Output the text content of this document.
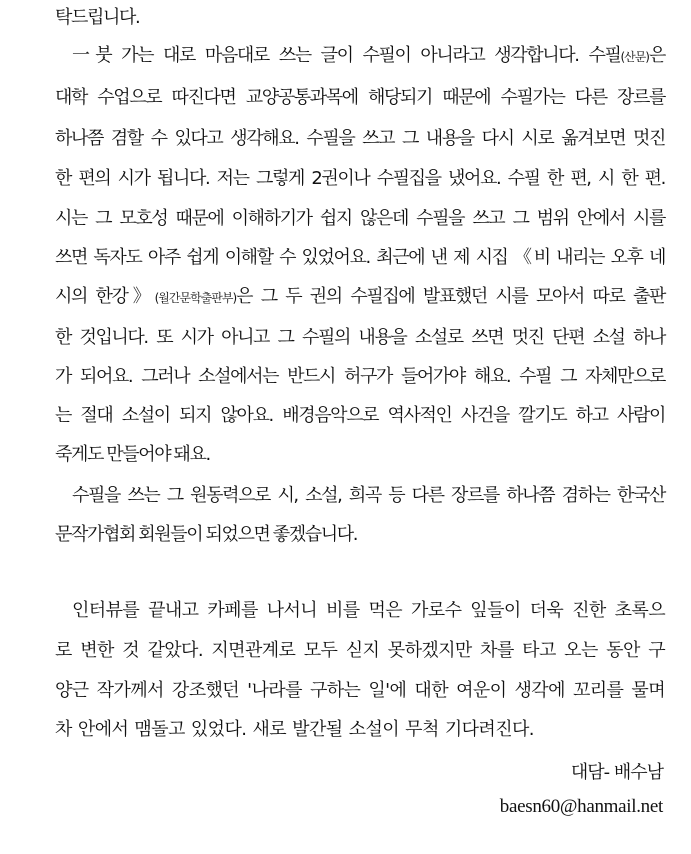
탁드립니다.
一붓 가는 대로 마음대로 쓰는 글이 수필이 아니라고 생각합니다. 수필(산문)은
대학 수업으로 따진다면 교양공통과목에 해당되기 때문에 수필가는 다른 장르를
하나쯤 겸할 수 있다고 생각해요. 수필을 쓰고 그 내용을 다시 시로 옮겨보면 멋진
한 편의 시가 됩니다. 저는 그렇게 2권이나 수필집을 냈어요. 수필 한 편, 시 한 편.
시는 그 모호성 때문에 이해하기가 쉽지 않은데 수필을 쓰고 그 범위 안에서 시를
쓰면 독자도 아주 쉽게 이해할 수 있었어요. 최근에 낸 제 시집 《비 내리는 오후 네
시의 한강》(월간문학출판부)은 그 두 권의 수필집에 발표했던 시를 모아서 따로 출판
한 것입니다. 또 시가 아니고 그 수필의 내용을 소설로 쓰면 멋진 단편 소설 하나
가 되어요. 그러나 소설에서는 반드시 허구가 들어가야 해요. 수필 그 자체만으로
는 절대 소설이 되지 않아요. 배경음악으로 역사적인 사건을 깔기도 하고 사람이
죽게도 만들어야 돼요.
수필을 쓰는 그 원동력으로 시, 소설, 희곡 등 다른 장르를 하나쯤 겸하는 한국산
문작가협회 회원들이 되었으면 좋겠습니다.
인터뷰를 끝내고 카페를 나서니 비를 먹은 가로수 잎들이 더욱 진한 초록으
로 변한 것 같았다. 지면관계로 모두 싣지 못하겠지만 차를 타고 오는 동안 구
양근 작가께서 강조했던 '나라를 구하는 일'에 대한 여운이 생각에 꼬리를 물며
차 안에서 맴돌고 있었다. 새로 발간될 소설이 무척 기다려진다.
대담- 배수남
baesn60@hanmail.net
